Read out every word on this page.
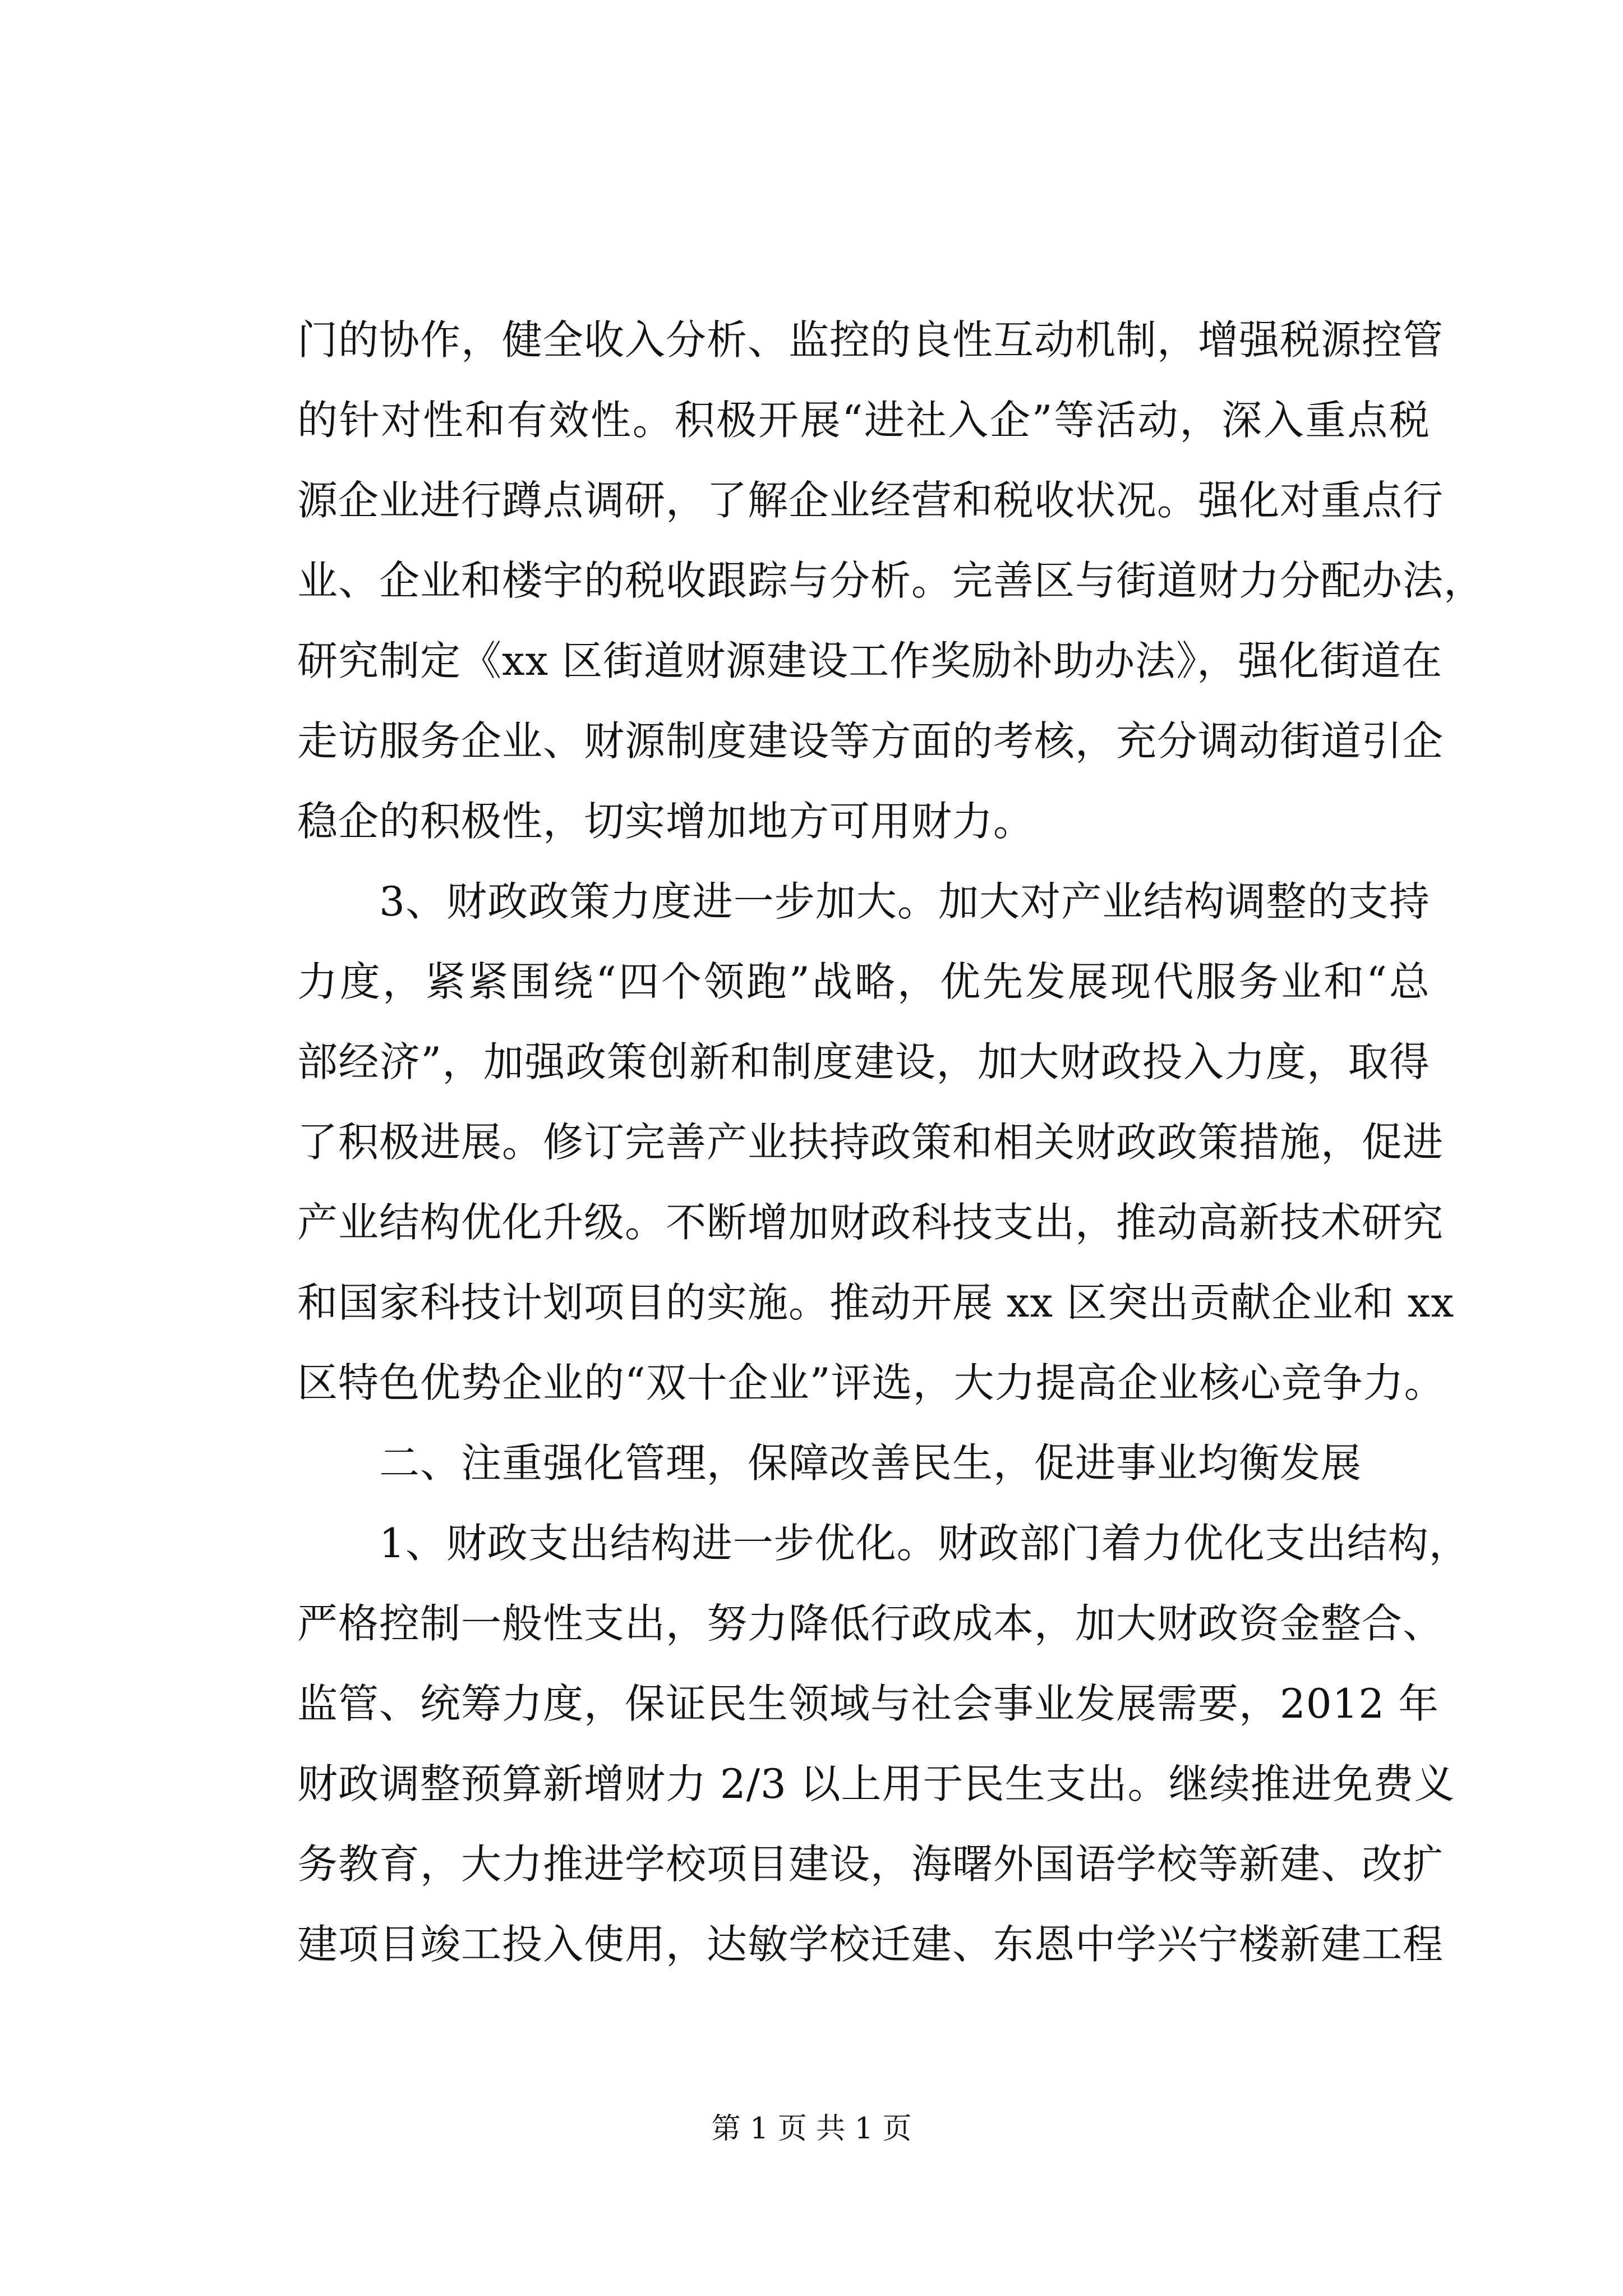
门的协作，健全收入分析、监控的良性互动机制，增强税源控管
的针对性和有效性。积极开展“进社入企”等活动，深入重点税
源企业进行蹲点调研，了解企业经营和税收状况。强化对重点行
业、企业和楼宇的税收跟踪与分析。完善区与街道财力分配办法，
研究制定《xx 区街道财源建设工作奖励补助办法》，强化街道在
走访服务企业、财源制度建设等方面的考核，充分调动街道引企
稳企的积极性，切实增加地方可用财力。
　　3、财政政策力度进一步加大。加大对产业结构调整的支持
力度，紧紧围绕“四个领跑”战略，优先发展现代服务业和“总
部经济”，加强政策创新和制度建设，加大财政投入力度，取得
了积极进展。修订完善产业扶持政策和相关财政政策措施，促进
产业结构优化升级。不断增加财政科技支出，推动高新技术研究
和国家科技计划项目的实施。推动开展 xx 区突出贡献企业和 xx
区特色优势企业的“双十企业”评选，大力提高企业核心竞争力。
　　二、注重强化管理，保障改善民生，促进事业均衡发展
　　1、财政支出结构进一步优化。财政部门着力优化支出结构，
严格控制一般性支出，努力降低行政成本，加大财政资金整合、
监管、统筹力度，保证民生领域与社会事业发展需要，2012 年
财政调整预算新增财力 2/3 以上用于民生支出。继续推进免费义
务教育，大力推进学校项目建设，海曙外国语学校等新建、改扩
建项目竣工投入使用，达敏学校迁建、东恩中学兴宁楼新建工程
第 1 页 共 1 页
